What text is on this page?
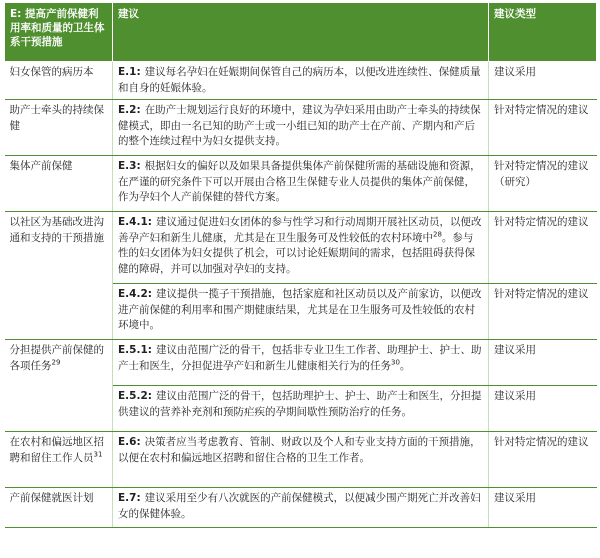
E: 提高产前保健利用率和质量的卫生体系干预措施	建议	建议类型
妇女保管的病历本	E.1: 建议每名孕妇在妊娠期间保管自己的病历本，以便改进连续性、保健质量和自身的妊娠体验。	建议采用
助产士牵头的持续保健	E.2: 在助产士规划运行良好的环境中，建议为孕妇采用由助产士牵头的持续保健模式，即由一名已知的助产士或一小组已知的助产士在产前、产期内和产后的整个连续过程中为妇女提供支持。	针对特定情况的建议
集体产前保健	E.3: 根据妇女的偏好以及如果具备提供集体产前保健所需的基础设施和资源，在严谨的研究条件下可以开展由合格卫生保健专业人员提供的集体产前保健，作为孕妇个人产前保健的替代方案。	针对特定情况的建议（研究）
以社区为基础改进沟通和支持的干预措施	E.4.1: 建议通过促进妇女团体的参与性学习和行动周期开展社区动员，以便改善孕产妇和新生儿健康，尤其是在卫生服务可及性较低的农村环境中$^{28}$。参与性的妇女团体为妇女提供了机会，可以讨论妊娠期间的需求，包括阻碍获得保健的障碍，并可以加强对孕妇的支持。	针对特定情况的建议
	E.4.2: 建议提供一揽子干预措施，包括家庭和社区动员以及产前家访，以便改进产前保健的利用率和围产期健康结果，尤其是在卫生服务可及性较低的农村环境中。	针对特定情况的建议
分担提供产前保健的各项任务$^{29}$	E.5.1: 建议由范围广泛的骨干，包括非专业卫生工作者、助理护士、护士、助产士和医生，分担促进孕产妇和新生儿健康相关行为的任务$^{30}$。	建议采用
	E.5.2: 建议由范围广泛的骨干，包括助理护士、护士、助产士和医生，分担提供建议的营养补充剂和预防疟疾的孕期间歇性预防治疗的任务。	建议采用
在农村和偏远地区招聘和留住工作人员$^{31}$	E.6: 决策者应当考虑教育、管制、财政以及个人和专业支持方面的干预措施，以便在农村和偏远地区招聘和留住合格的卫生工作者。	针对特定情况的建议
产前保健就医计划	E.7: 建议采用至少有八次就医的产前保健模式，以便减少围产期死亡并改善妇女的保健体验。	建议采用
